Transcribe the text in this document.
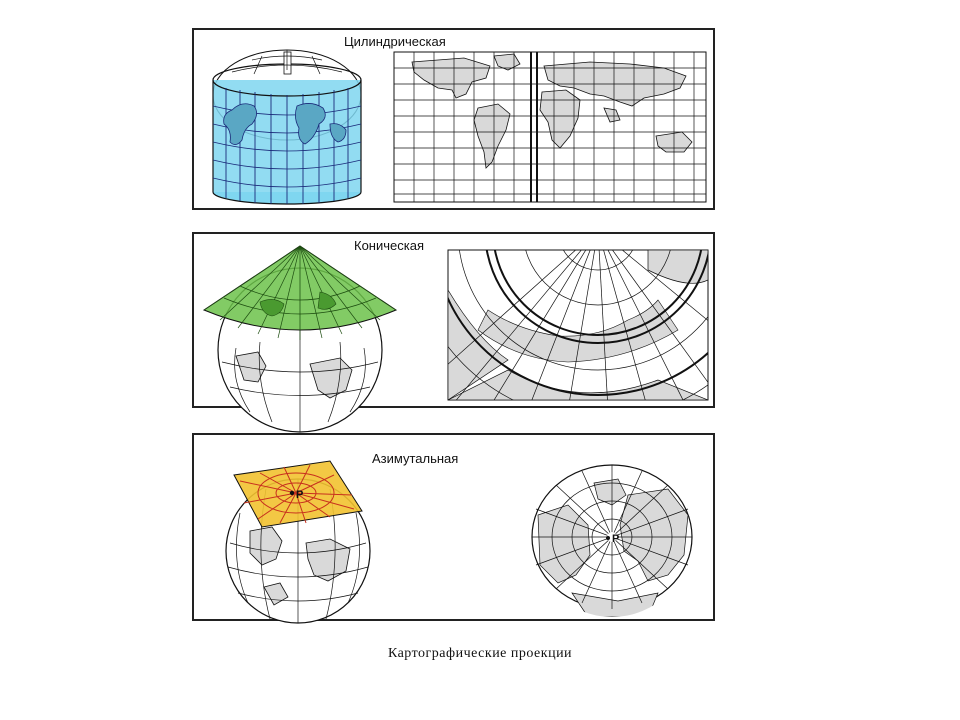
Цилиндрическая
Коническая
Азимутальная
P
P
Картографические проекции
